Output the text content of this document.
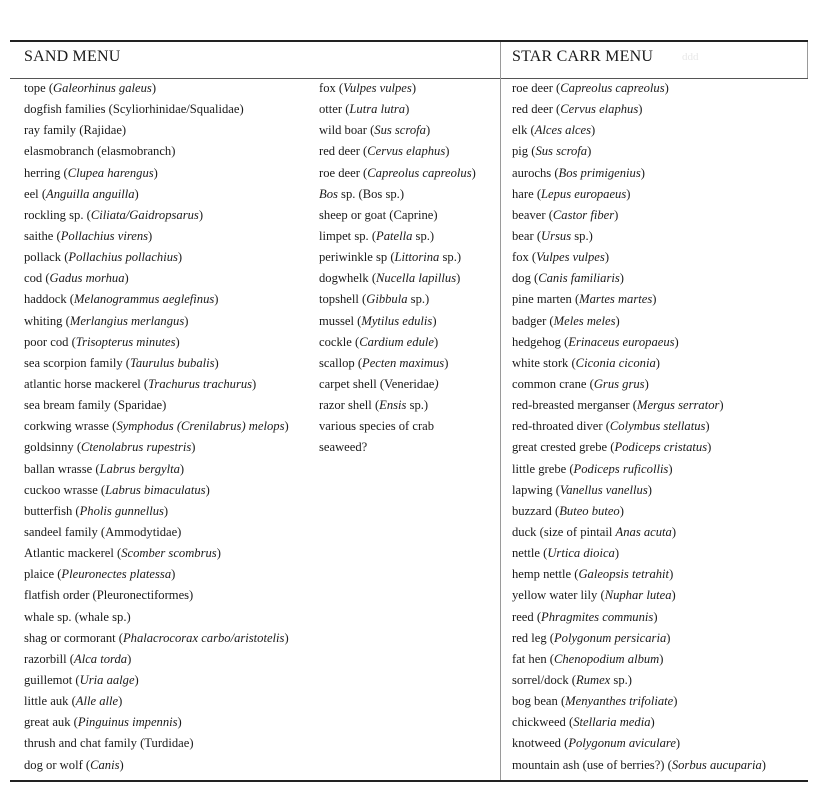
SAND MENU	STAR CARR MENU	ddd
tope (Galeorhinus galeus)
dogfish families (Scyliorhinidae/Squalidae)
ray family (Rajidae)
elasmobranch (elasmobranch)
herring (Clupea harengus)
eel (Anguilla anguilla)
rockling sp. (Ciliata/Gaidropsarus)
saithe (Pollachius virens)
pollack (Pollachius pollachius)
cod (Gadus morhua)
haddock (Melanogrammus aeglefinus)
whiting (Merlangius merlangus)
poor cod (Trisopterus minutes)
sea scorpion family (Taurulus bubalis)
atlantic horse mackerel (Trachurus trachurus)
sea bream family (Sparidae)
corkwing wrasse (Symphodus (Crenilabrus) melops)
goldsinny (Ctenolabrus rupestris)
ballan wrasse (Labrus bergylta)
cuckoo wrasse (Labrus bimaculatus)
butterfish (Pholis gunnellus)
sandeel family (Ammodytidae)
Atlantic mackerel (Scomber scombrus)
plaice (Pleuronectes platessa)
flatfish order (Pleuronectiformes)
whale sp. (whale sp.)
shag or cormorant (Phalacrocorax carbo/aristotelis)
razorbill (Alca torda)
guillemot (Uria aalge)
little auk (Alle alle)
great auk (Pinguinus impennis)
thrush and chat family (Turdidae)
dog or wolf (Canis)
fox (Vulpes vulpes)
otter (Lutra lutra)
wild boar (Sus scrofa)
red deer (Cervus elaphus)
roe deer (Capreolus capreolus)
Bos sp. (Bos sp.)
sheep or goat (Caprine)
limpet sp. (Patella sp.)
periwinkle sp (Littorina sp.)
dogwhelk (Nucella lapillus)
topshell (Gibbula sp.)
mussel (Mytilus edulis)
cockle (Cardium edule)
scallop (Pecten maximus)
carpet shell (Veneridae)
razor shell (Ensis sp.)
various species of crab
seaweed?
roe deer (Capreolus capreolus)
red deer (Cervus elaphus)
elk (Alces alces)
pig (Sus scrofa)
aurochs (Bos primigenius)
hare (Lepus europaeus)
beaver (Castor fiber)
bear (Ursus sp.)
fox (Vulpes vulpes)
dog (Canis familiaris)
pine marten (Martes martes)
badger (Meles meles)
hedgehog (Erinaceus europaeus)
white stork (Ciconia ciconia)
common crane (Grus grus)
red-breasted merganser (Mergus serrator)
red-throated diver (Colymbus stellatus)
great crested grebe (Podiceps cristatus)
little grebe (Podiceps ruficollis)
lapwing (Vanellus vanellus)
buzzard (Buteo buteo)
duck (size of pintail Anas acuta)
nettle (Urtica dioica)
hemp nettle (Galeopsis tetrahit)
yellow water lily (Nuphar lutea)
reed (Phragmites communis)
red leg (Polygonum persicaria)
fat hen (Chenopodium album)
sorrel/dock (Rumex sp.)
bog bean (Menyanthes trifoliate)
chickweed (Stellaria media)
knotweed (Polygonum aviculare)
mountain ash (use of berries?) (Sorbus aucuparia)
